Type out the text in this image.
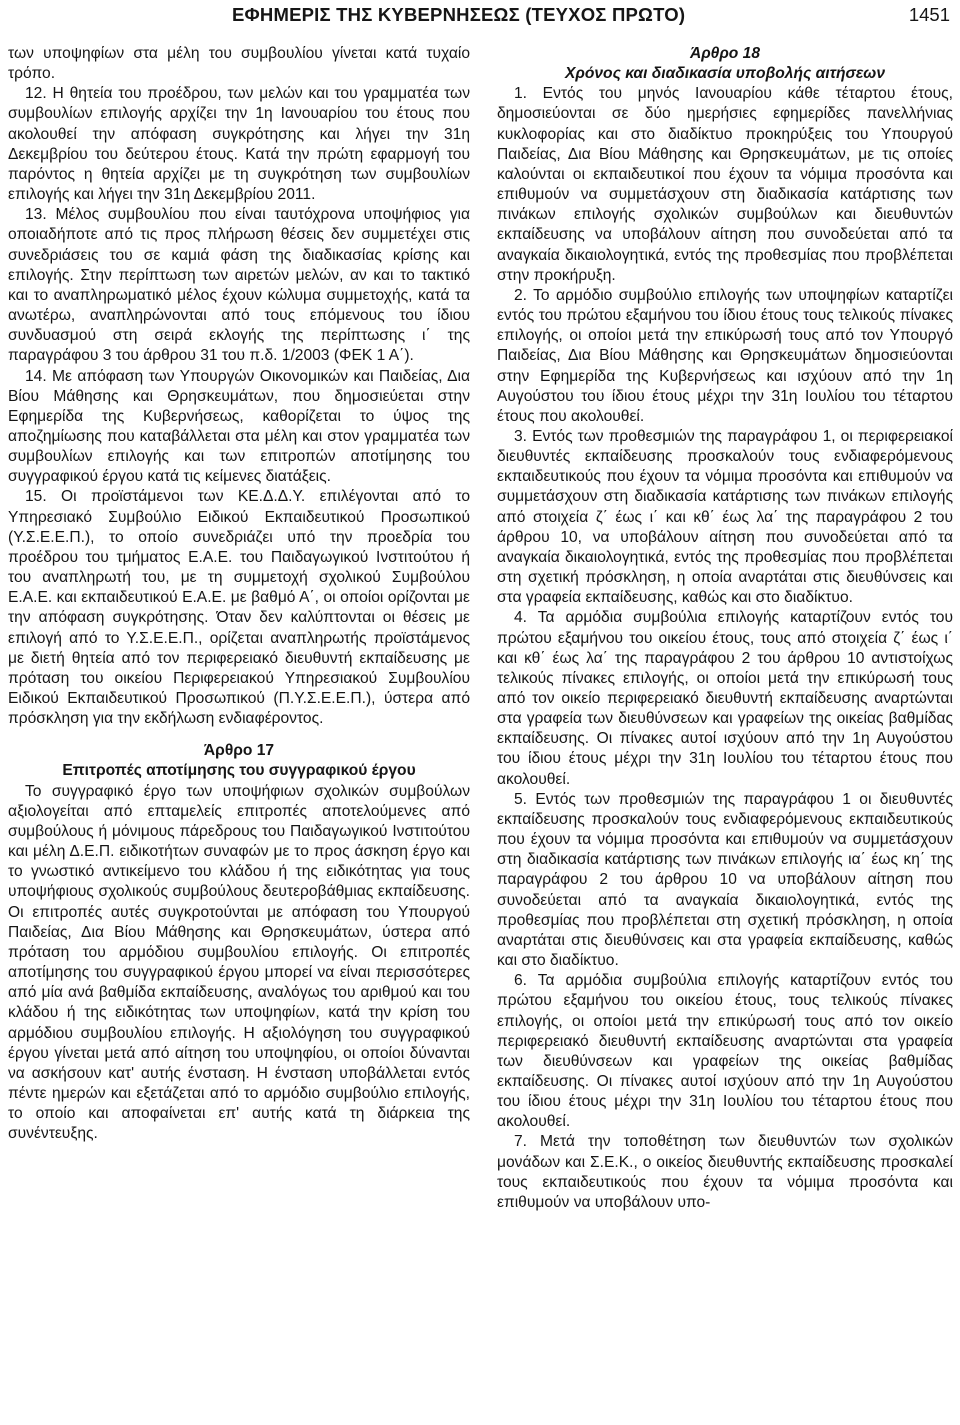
ΕΦΗΜΕΡΙΣ ΤΗΣ ΚΥΒΕΡΝΗΣΕΩΣ (ΤΕΥΧΟΣ ΠΡΩΤΟ)	1451

των υποψηφίων στα μέλη του συμβουλίου γίνεται κατά τυχαίο τρόπο.

12. Η θητεία του προέδρου, των μελών και του γραμματέα των συμβουλίων επιλογής αρχίζει την 1η Ιανουαρίου του έτους που ακολουθεί την απόφαση συγκρότησης και λήγει την 31η Δεκεμβρίου του δεύτερου έτους. Κατά την πρώτη εφαρμογή του παρόντος η θητεία αρχίζει με τη συγκρότηση των συμβουλίων επιλογής και λήγει την 31η Δεκεμβρίου 2011.

13. Μέλος συμβουλίου που είναι ταυτόχρονα υποψήφιος για οποιαδήποτε από τις προς πλήρωση θέσεις δεν συμμετέχει στις συνεδριάσεις του σε καμιά φάση της διαδικασίας κρίσης και επιλογής. Στην περίπτωση των αιρετών μελών, αν και το τακτικό και το αναπληρωματικό μέλος έχουν κώλυμα συμμετοχής, κατά τα ανωτέρω, αναπληρώνονται από τους επόμενους του ίδιου συνδυασμού στη σειρά εκλογής της περίπτωσης ι΄ της παραγράφου 3 του άρθρου 31 του π.δ. 1/2003 (ΦΕΚ 1 Α΄).

14. Με απόφαση των Υπουργών Οικονομικών και Παιδείας, Δια Βίου Μάθησης και Θρησκευμάτων, που δημοσιεύεται στην Εφημερίδα της Κυβερνήσεως, καθορίζεται το ύψος της αποζημίωσης που καταβάλλεται στα μέλη και στον γραμματέα των συμβουλίων επιλογής και των επιτροπών αποτίμησης του συγγραφικού έργου κατά τις κείμενες διατάξεις.

15. Οι προϊστάμενοι των ΚΕ.Δ.Δ.Υ. επιλέγονται από το Υπηρεσιακό Συμβούλιο Ειδικού Εκπαιδευτικού Προσωπικού (Υ.Σ.Ε.Ε.Π.), το οποίο συνεδριάζει υπό την προεδρία του προέδρου του τμήματος Ε.Α.Ε. του Παιδαγωγικού Ινστιτούτου ή του αναπληρωτή του, με τη συμμετοχή σχολικού Συμβούλου Ε.Α.Ε. και εκπαιδευτικού Ε.Α.Ε. με βαθμό Α΄, οι οποίοι ορίζονται με την απόφαση συγκρότησης. Όταν δεν καλύπτονται οι θέσεις με επιλογή από το Υ.Σ.Ε.Ε.Π., ορίζεται αναπληρωτής προϊστάμενος με διετή θητεία από τον περιφερειακό διευθυντή εκπαίδευσης με πρόταση του οικείου Περιφερειακού Υπηρεσιακού Συμβουλίου Ειδικού Εκπαιδευτικού Προσωπικού (Π.Υ.Σ.Ε.Ε.Π.), ύστερα από πρόσκληση για την εκδήλωση ενδιαφέροντος.

Άρθρο 17

Επιτροπές αποτίμησης του συγγραφικού έργου

Το συγγραφικό έργο των υποψήφιων σχολικών συμβούλων αξιολογείται από επταμελείς επιτροπές αποτελούμενες από συμβούλους ή μόνιμους πάρεδρους του Παιδαγωγικού Ινστιτούτου και μέλη Δ.Ε.Π. ειδικοτήτων συναφών με το προς άσκηση έργο και το γνωστικό αντικείμενο του κλάδου ή της ειδικότητας για τους υποψήφιους σχολικούς συμβούλους δευτεροβάθμιας εκπαίδευσης. Οι επιτροπές αυτές συγκροτούνται με απόφαση του Υπουργού Παιδείας, Δια Βίου Μάθησης και Θρησκευμάτων, ύστερα από πρόταση του αρμόδιου συμβουλίου επιλογής. Οι επιτροπές αποτίμησης του συγγραφικού έργου μπορεί να είναι περισσότερες από μία ανά βαθμίδα εκπαίδευσης, αναλόγως του αριθμού και του κλάδου ή της ειδικότητας των υποψηφίων, κατά την κρίση του αρμόδιου συμβουλίου επιλογής. Η αξιολόγηση του συγγραφικού έργου γίνεται μετά από αίτηση του υποψηφίου, οι οποίοι δύνανται να ασκήσουν κατ' αυτής ένσταση. Η ένσταση υποβάλλεται εντός πέντε ημερών και εξετάζεται από το αρμόδιο συμβούλιο επιλογής, το οποίο και αποφαίνεται επ' αυτής κατά τη διάρκεια της συνέντευξης.

Άρθρο 18

Χρόνος και διαδικασία υποβολής αιτήσεων

1. Εντός του μηνός Ιανουαρίου κάθε τέταρτου έτους, δημοσιεύονται σε δύο ημερήσιες εφημερίδες πανελλήνιας κυκλοφορίας και στο διαδίκτυο προκηρύξεις του Υπουργού Παιδείας, Δια Βίου Μάθησης και Θρησκευμάτων, με τις οποίες καλούνται οι εκπαιδευτικοί που έχουν τα νόμιμα προσόντα και επιθυμούν να συμμετάσχουν στη διαδικασία κατάρτισης των πινάκων επιλογής σχολικών συμβούλων και διευθυντών εκπαίδευσης να υποβάλουν αίτηση που συνοδεύεται από τα αναγκαία δικαιολογητικά, εντός της προθεσμίας που προβλέπεται στην προκήρυξη.

2. Το αρμόδιο συμβούλιο επιλογής των υποψηφίων καταρτίζει εντός του πρώτου εξαμήνου του ίδιου έτους τους τελικούς πίνακες επιλογής, οι οποίοι μετά την επικύρωσή τους από τον Υπουργό Παιδείας, Δια Βίου Μάθησης και Θρησκευμάτων δημοσιεύονται στην Εφημερίδα της Κυβερνήσεως και ισχύουν από την 1η Αυγούστου του ίδιου έτους μέχρι την 31η Ιουλίου του τέταρτου έτους που ακολουθεί.

3. Εντός των προθεσμιών της παραγράφου 1, οι περιφερειακοί διευθυντές εκπαίδευσης προσκαλούν τους ενδιαφερόμενους εκπαιδευτικούς που έχουν τα νόμιμα προσόντα και επιθυμούν να συμμετάσχουν στη διαδικασία κατάρτισης των πινάκων επιλογής από στοιχεία ζ΄ έως ι΄ και κθ΄ έως λα΄ της παραγράφου 2 του άρθρου 10, να υποβάλουν αίτηση που συνοδεύεται από τα αναγκαία δικαιολογητικά, εντός της προθεσμίας που προβλέπεται στη σχετική πρόσκληση, η οποία αναρτάται στις διευθύνσεις και στα γραφεία εκπαίδευσης, καθώς και στο διαδίκτυο.

4. Τα αρμόδια συμβούλια επιλογής καταρτίζουν εντός του πρώτου εξαμήνου του οικείου έτους, τους από στοιχεία ζ΄ έως ι΄ και κθ΄ έως λα΄ της παραγράφου 2 του άρθρου 10 αντιστοίχως τελικούς πίνακες επιλογής, οι οποίοι μετά την επικύρωσή τους από τον οικείο περιφερειακό διευθυντή εκπαίδευσης αναρτώνται στα γραφεία των διευθύνσεων και γραφείων της οικείας βαθμίδας εκπαίδευσης. Οι πίνακες αυτοί ισχύουν από την 1η Αυγούστου του ίδιου έτους μέχρι την 31η Ιουλίου του τέταρτου έτους που ακολουθεί.

5. Εντός των προθεσμιών της παραγράφου 1 οι διευθυντές εκπαίδευσης προσκαλούν τους ενδιαφερόμενους εκπαιδευτικούς που έχουν τα νόμιμα προσόντα και επιθυμούν να συμμετάσχουν στη διαδικασία κατάρτισης των πινάκων επιλογής ια΄ έως κη΄ της παραγράφου 2 του άρθρου 10 να υποβάλουν αίτηση που συνοδεύεται από τα αναγκαία δικαιολογητικά, εντός της προθεσμίας που προβλέπεται στη σχετική πρόσκληση, η οποία αναρτάται στις διευθύνσεις και στα γραφεία εκπαίδευσης, καθώς και στο διαδίκτυο.

6. Τα αρμόδια συμβούλια επιλογής καταρτίζουν εντός του πρώτου εξαμήνου του οικείου έτους, τους τελικούς πίνακες επιλογής, οι οποίοι μετά την επικύρωσή τους από τον οικείο περιφερειακό διευθυντή εκπαίδευσης αναρτώνται στα γραφεία των διευθύνσεων και γραφείων της οικείας βαθμίδας εκπαίδευσης. Οι πίνακες αυτοί ισχύουν από την 1η Αυγούστου του ίδιου έτους μέχρι την 31η Ιουλίου του τέταρτου έτους που ακολουθεί.

7. Μετά την τοποθέτηση των διευθυντών των σχολικών μονάδων και Σ.Ε.Κ., ο οικείος διευθυντής εκπαίδευσης προσκαλεί τους εκπαιδευτικούς που έχουν τα νόμιμα προσόντα και επιθυμούν να υποβάλουν υπο-
